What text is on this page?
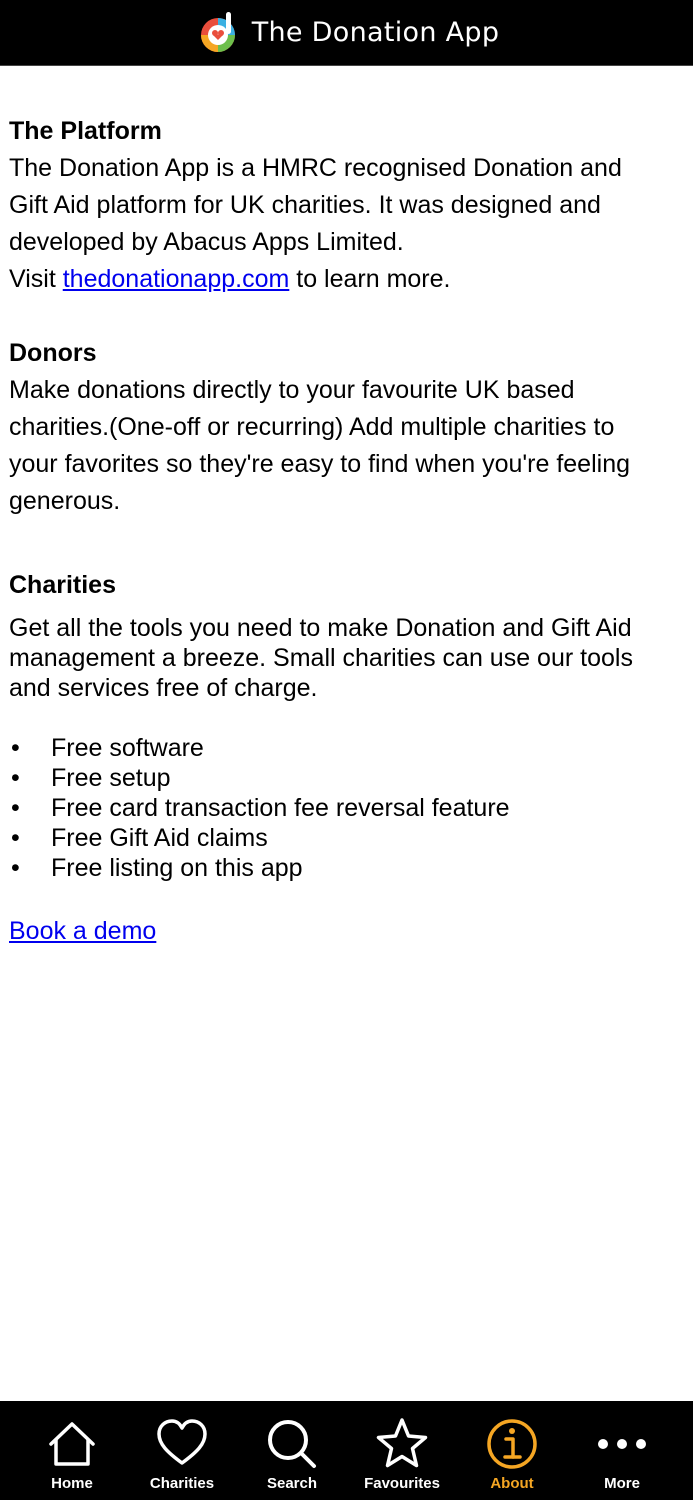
The Donation App
The Platform
The Donation App is a HMRC recognised Donation and
Gift Aid platform for UK charities. It was designed and
developed by Abacus Apps Limited.
Visit thedonationapp.com to learn more.
Donors
Make donations directly to your favourite UK based
charities.(One-off or recurring) Add multiple charities to
your favorites so they're easy to find when you're feeling
generous.
Charities
Get all the tools you need to make Donation and Gift Aid
management a breeze. Small charities can use our tools
and services free of charge.
• Free software
• Free setup
• Free card transaction fee reversal feature
• Free Gift Aid claims
• Free listing on this app
Book a demo
Home	Charities	Search	Favourites	About	More
